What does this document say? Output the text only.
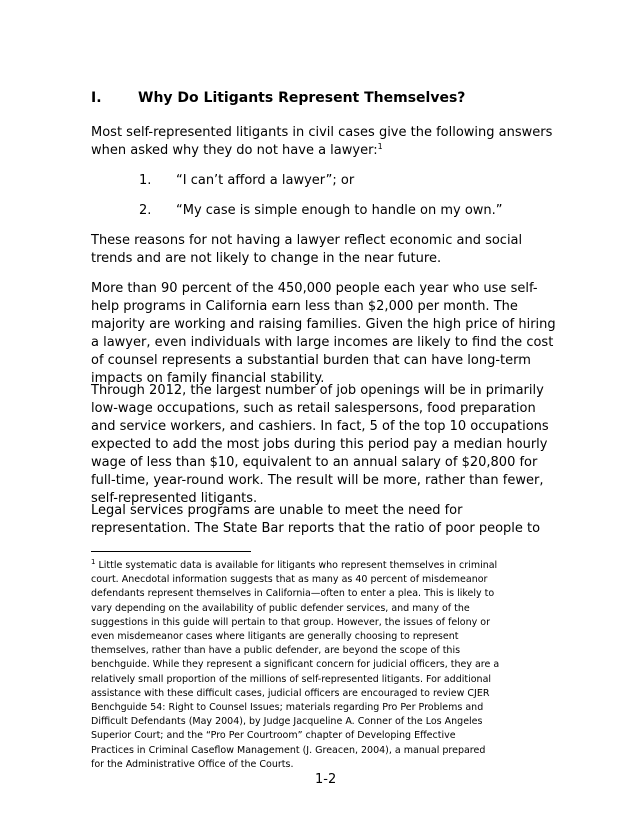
I.	Why Do Litigants Represent Themselves?

Most self-represented litigants in civil cases give the following answers
when asked why they do not have a lawyer:$^1$

1. “I can’t afford a lawyer”; or
2. “My case is simple enough to handle on my own.”

These reasons for not having a lawyer reflect economic and social
trends and are not likely to change in the near future.

More than 90 percent of the 450,000 people each year who use self-
help programs in California earn less than $2,000 per month. The
majority are working and raising families. Given the high price of hiring
a lawyer, even individuals with large incomes are likely to find the cost
of counsel represents a substantial burden that can have long-term
impacts on family financial stability.

Through 2012, the largest number of job openings will be in primarily
low-wage occupations, such as retail salespersons, food preparation
and service workers, and cashiers. In fact, 5 of the top 10 occupations
expected to add the most jobs during this period pay a median hourly
wage of less than $10, equivalent to an annual salary of $20,800 for
full-time, year-round work. The result will be more, rather than fewer,
self-represented litigants.

Legal services programs are unable to meet the need for
representation. The State Bar reports that the ratio of poor people to

$^1$ Little systematic data is available for litigants who represent themselves in criminal
court. Anecdotal information suggests that as many as 40 percent of misdemeanor
defendants represent themselves in California—often to enter a plea. This is likely to
vary depending on the availability of public defender services, and many of the
suggestions in this guide will pertain to that group. However, the issues of felony or
even misdemeanor cases where litigants are generally choosing to represent
themselves, rather than have a public defender, are beyond the scope of this
benchguide. While they represent a significant concern for judicial officers, they are a
relatively small proportion of the millions of self-represented litigants. For additional
assistance with these difficult cases, judicial officers are encouraged to review CJER
Benchguide 54: Right to Counsel Issues; materials regarding Pro Per Problems and
Difficult Defendants (May 2004), by Judge Jacqueline A. Conner of the Los Angeles
Superior Court; and the “Pro Per Courtroom” chapter of Developing Effective
Practices in Criminal Caseflow Management (J. Greacen, 2004), a manual prepared
for the Administrative Office of the Courts.
1-2
